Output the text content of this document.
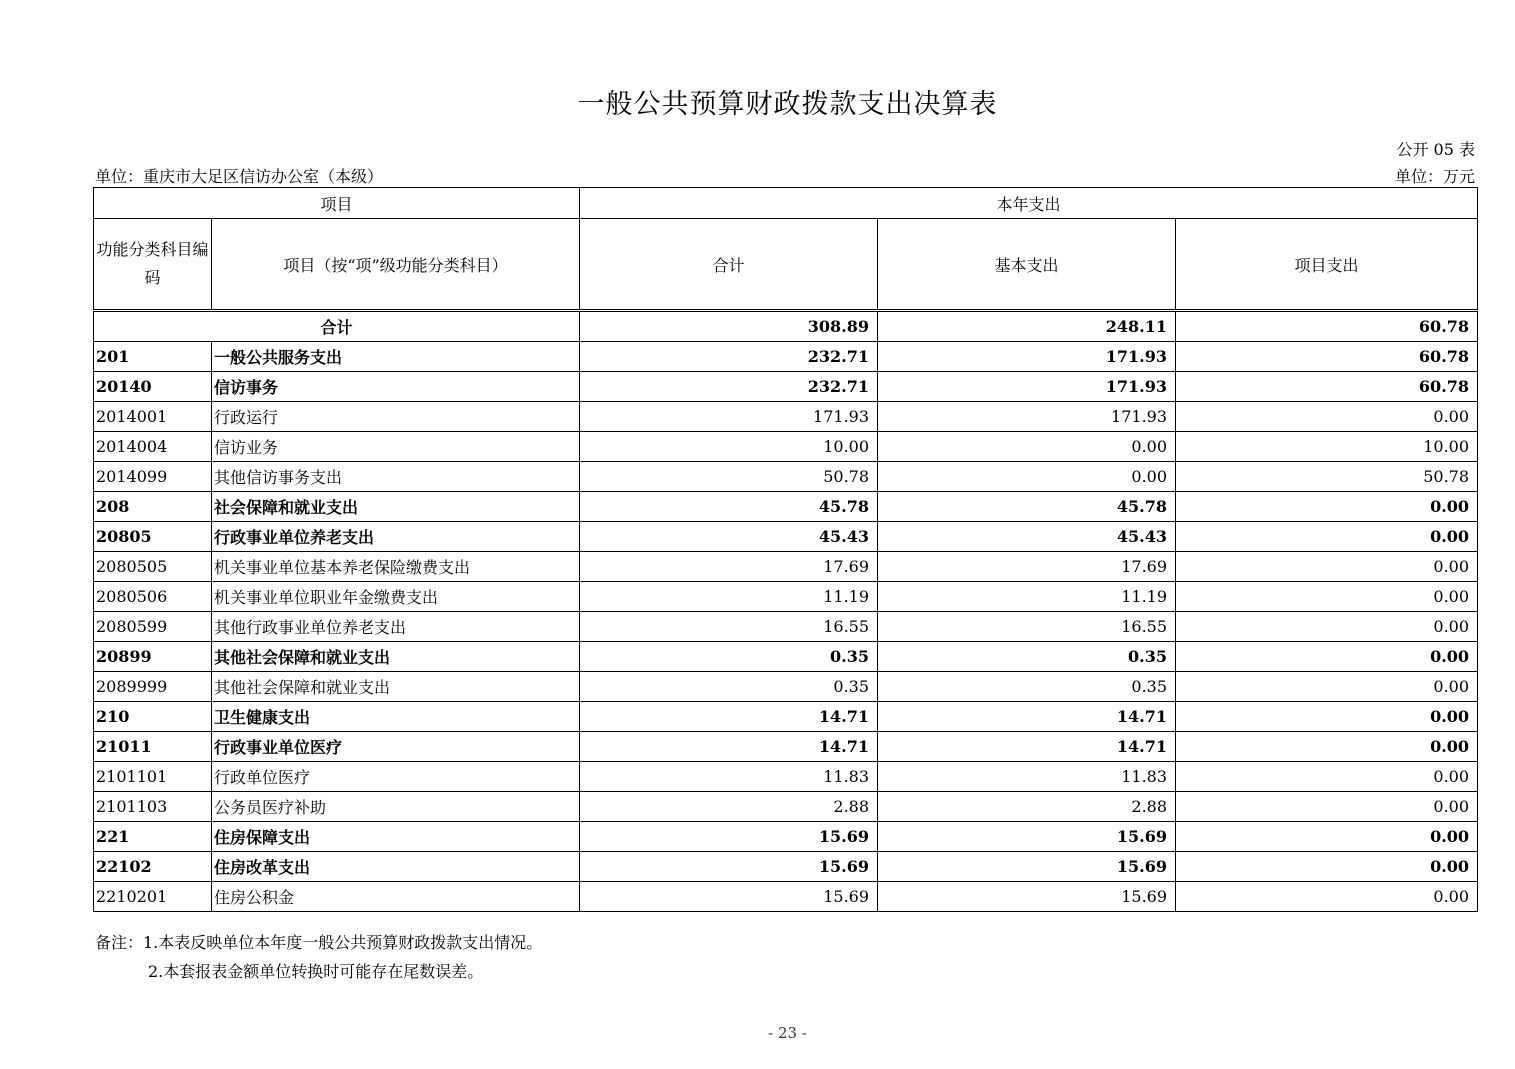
一般公共预算财政拨款支出决算表
公开 05 表
单位：重庆市大足区信访办公室（本级）	单位：万元
项目		本年支出		
功能分类科目编码	项目（按“项”级功能分类科目）	合计	基本支出	项目支出
合计		308.89	248.11	60.78
201	一般公共服务支出	232.71	171.93	60.78
20140	信访事务	232.71	171.93	60.78
2014001	行政运行	171.93	171.93	0.00
2014004	信访业务	10.00	0.00	10.00
2014099	其他信访事务支出	50.78	0.00	50.78
208	社会保障和就业支出	45.78	45.78	0.00
20805	行政事业单位养老支出	45.43	45.43	0.00
2080505	机关事业单位基本养老保险缴费支出	17.69	17.69	0.00
2080506	机关事业单位职业年金缴费支出	11.19	11.19	0.00
2080599	其他行政事业单位养老支出	16.55	16.55	0.00
20899	其他社会保障和就业支出	0.35	0.35	0.00
2089999	其他社会保障和就业支出	0.35	0.35	0.00
210	卫生健康支出	14.71	14.71	0.00
21011	行政事业单位医疗	14.71	14.71	0.00
2101101	行政单位医疗	11.83	11.83	0.00
2101103	公务员医疗补助	2.88	2.88	0.00
221	住房保障支出	15.69	15.69	0.00
22102	住房改革支出	15.69	15.69	0.00
2210201	住房公积金	15.69	15.69	0.00
备注：1.本表反映单位本年度一般公共预算财政拨款支出情况。
2.本套报表金额单位转换时可能存在尾数误差。
- 23 -
